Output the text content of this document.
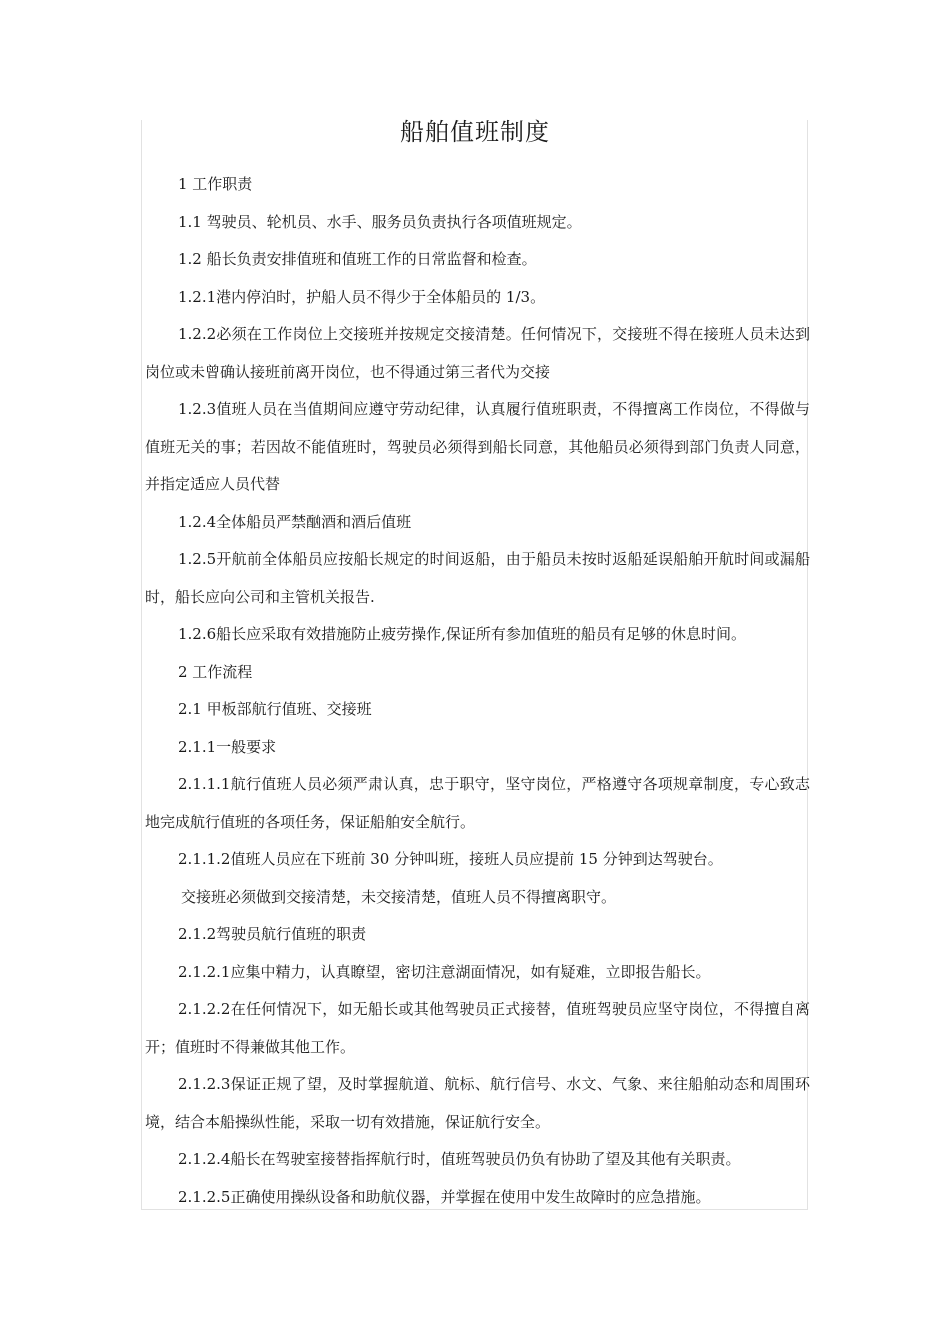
船舶值班制度

1 工作职责

1.1 驾驶员、轮机员、水手、服务员负责执行各项值班规定。

1.2 船长负责安排值班和值班工作的日常监督和检查。

1.2.1港内停泊时，护船人员不得少于全体船员的 1/3。

1.2.2必须在工作岗位上交接班并按规定交接清楚。任何情况下，交接班不得在接班人员未达到岗位或未曾确认接班前离开岗位，也不得通过第三者代为交接

1.2.3值班人员在当值期间应遵守劳动纪律，认真履行值班职责，不得擅离工作岗位，不得做与值班无关的事；若因故不能值班时，驾驶员必须得到船长同意，其他船员必须得到部门负责人同意，并指定适应人员代替

1.2.4全体船员严禁酗酒和酒后值班

1.2.5开航前全体船员应按船长规定的时间返船，由于船员未按时返船延误船舶开航时间或漏船时，船长应向公司和主管机关报告.

1.2.6船长应采取有效措施防止疲劳操作,保证所有参加值班的船员有足够的休息时间。

2 工作流程

2.1 甲板部航行值班、交接班

2.1.1一般要求

2.1.1.1航行值班人员必须严肃认真，忠于职守，坚守岗位，严格遵守各项规章制度，专心致志地完成航行值班的各项任务，保证船舶安全航行。

2.1.1.2值班人员应在下班前 30 分钟叫班，接班人员应提前 15 分钟到达驾驶台。

交接班必须做到交接清楚，未交接清楚，值班人员不得擅离职守。

2.1.2驾驶员航行值班的职责

2.1.2.1应集中精力，认真瞭望，密切注意湖面情况，如有疑难，立即报告船长。

2.1.2.2在任何情况下，如无船长或其他驾驶员正式接替，值班驾驶员应坚守岗位，不得擅自离开；值班时不得兼做其他工作。

2.1.2.3保证正规了望，及时掌握航道、航标、航行信号、水文、气象、来往船舶动态和周围环境，结合本船操纵性能，采取一切有效措施，保证航行安全。

2.1.2.4船长在驾驶室接替指挥航行时，值班驾驶员仍负有协助了望及其他有关职责。

2.1.2.5正确使用操纵设备和助航仪器，并掌握在使用中发生故障时的应急措施。
